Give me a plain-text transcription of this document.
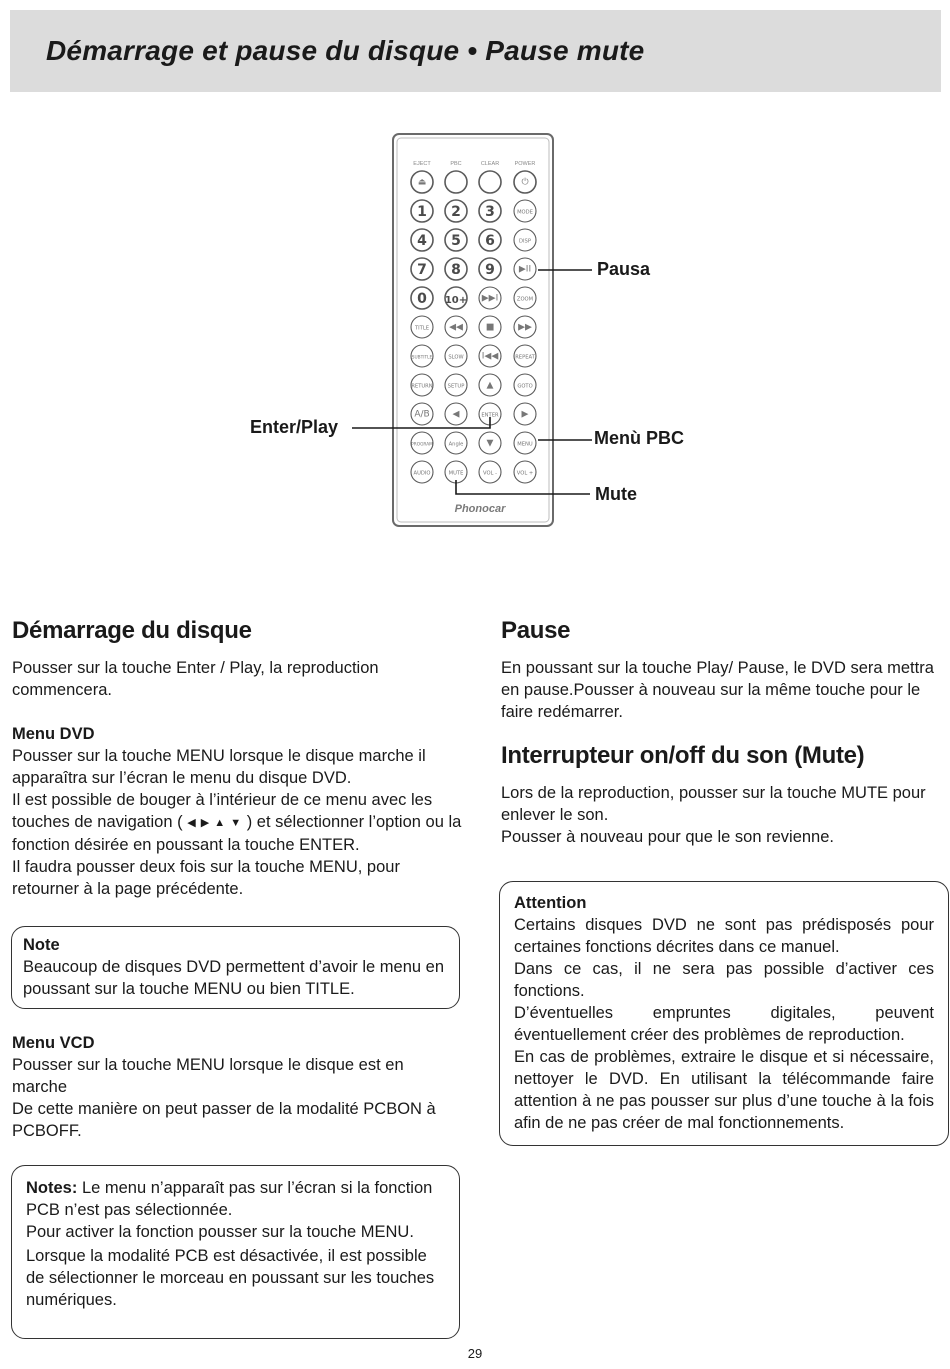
Démarrage et pause du disque • Pause mute
EJECT	PBC	CLEAR	POWER
⏏	⏻
1 2 3	MODE
4 5 6	DISP
7 8 9	▶II
0 10+ ▶▶I	ZOOM
TITLE ◀◀	■	▶▶
SUBTITLE	SLOW I◀◀	REPEAT
RETURN	SETUP ▲	GOTO
A/B	◀	ENTER	▶
PROGRAM	Angle	▼	MENU
AUDIO	MUTE	VOL -	VOL +
Phonocar
Pausa
Enter/Play
Menù PBC
Mute
Démarrage du disque

Pousser sur la touche Enter / Play, la reproduction commencera.

Menu DVD

Pousser sur la touche MENU lorsque le disque marche il apparaîtra sur l’écran le menu du disque DVD.

Il est possible de bouger à l’intérieur de ce menu avec les touches de navigation ( ◀ ▶ ▲ ▼ ) et sélectionner l’option ou la fonction désirée en poussant la touche ENTER.

Il faudra pousser deux fois sur la touche MENU, pour retourner à la page précédente.

Note

Beaucoup de disques DVD permettent d’avoir le menu en poussant sur la touche MENU ou bien TITLE.

Menu VCD

Pousser sur la touche MENU lorsque le disque est en marche

De cette manière on peut passer de la modalité PCBON à PCBOFF.

Notes: Le menu n’apparaît pas sur l’écran si la fonction PCB n’est pas sélectionnée.

Pour activer la fonction pousser sur la touche MENU.

Lorsque la modalité PCB est désactivée, il est possible de sélectionner le morceau en poussant sur les touches numériques.

Pause

En poussant sur la touche Play/ Pause, le DVD sera mettra en pause.Pousser à nouveau sur la même touche pour le faire redémarrer.

Interrupteur on/off du son (Mute)

Lors de la reproduction, pousser sur la touche MUTE pour enlever le son.

Pousser à nouveau pour que le son revienne.

Attention

Certains disques DVD ne sont pas prédisposés pour certaines fonctions décrites dans ce manuel.

Dans ce cas, il ne sera pas possible d’activer ces fonctions.

D’éventuelles empruntes digitales, peuvent éventuellement créer des problèmes de reproduction.

En cas de problèmes, extraire le disque et si nécessaire, nettoyer le DVD. En utilisant la télécommande faire attention à ne pas pousser sur plus d’une touche à la fois afin de ne pas créer de mal fonctionnements.

29
